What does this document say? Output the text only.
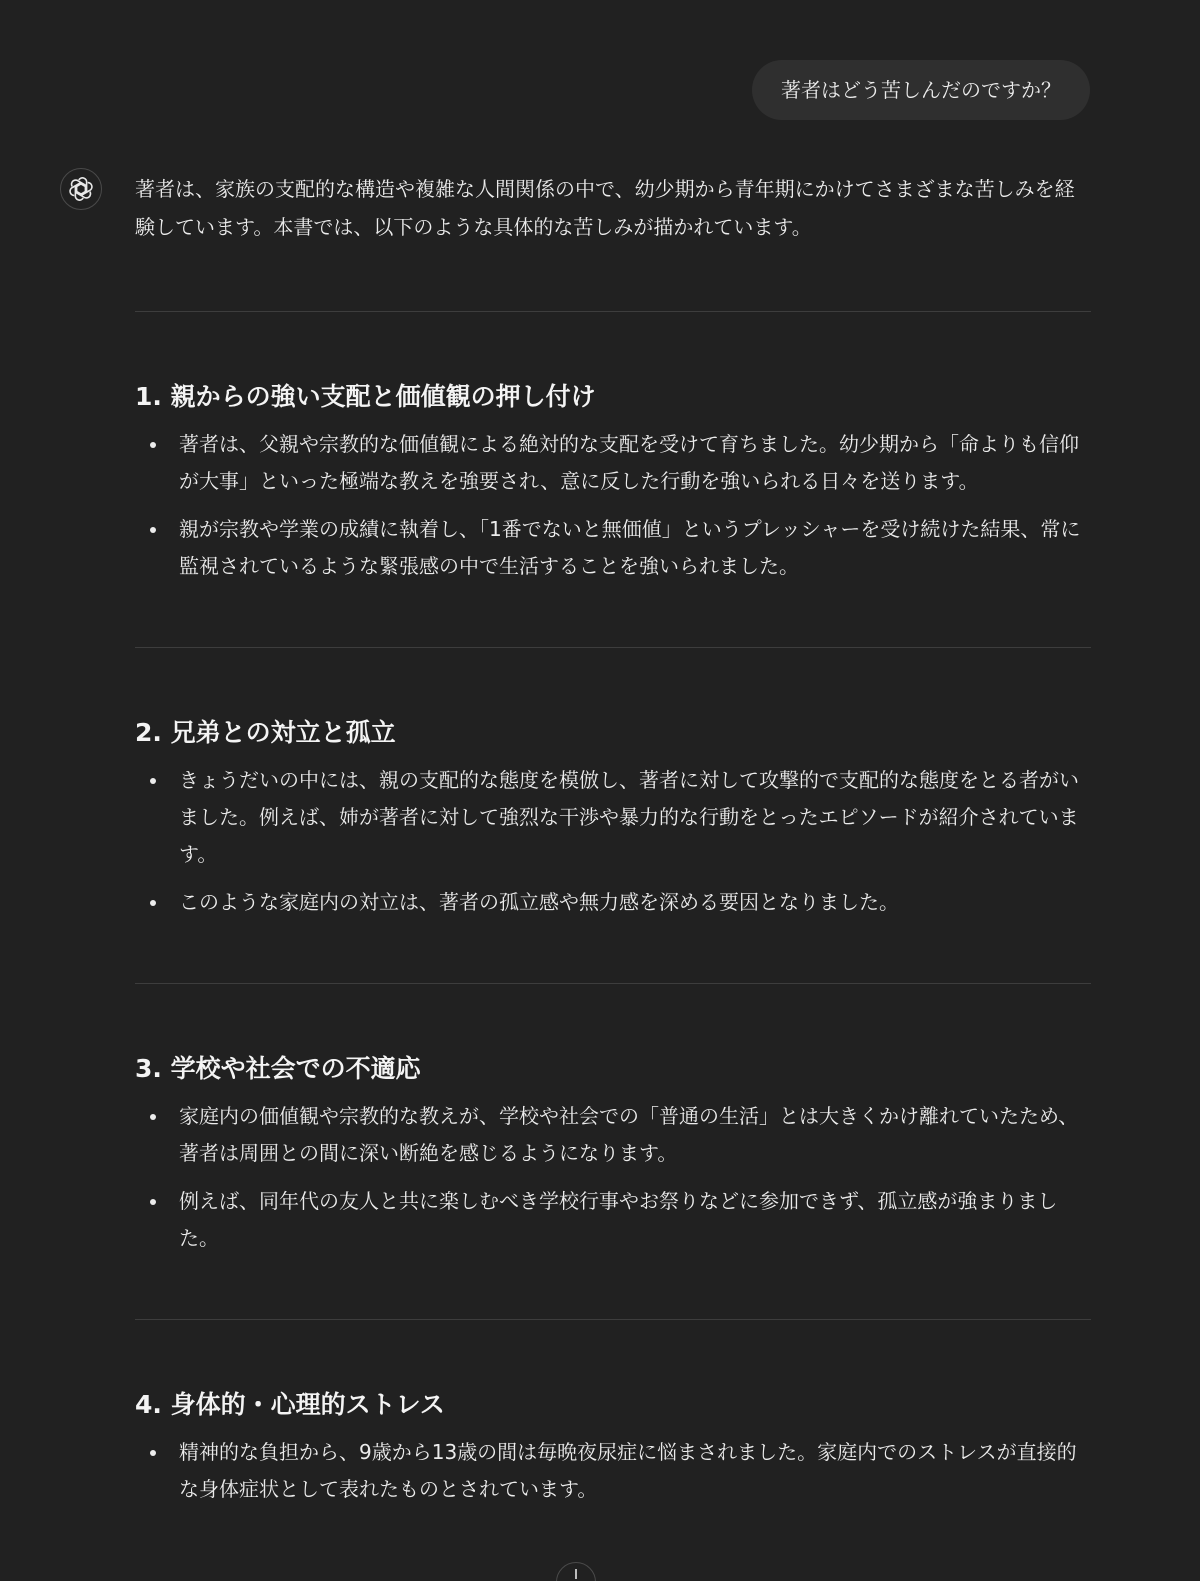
著者はどう苦しんだのですか？

著者は、家族の支配的な構造や複雑な人間関係の中で、幼少期から青年期にかけてさまざまな苦しみを経験しています。本書では、以下のような具体的な苦しみが描かれています。

1. 親からの強い支配と価値観の押し付け
著者は、父親や宗教的な価値観による絶対的な支配を受けて育ちました。幼少期から「命よりも信仰が大事」といった極端な教えを強要され、意に反した行動を強いられる日々を送ります。
親が宗教や学業の成績に執着し、「1番でないと無価値」というプレッシャーを受け続けた結果、常に監視されているような緊張感の中で生活することを強いられました。
2. 兄弟との対立と孤立
きょうだいの中には、親の支配的な態度を模倣し、著者に対して攻撃的で支配的な態度をとる者がいました。例えば、姉が著者に対して強烈な干渉や暴力的な行動をとったエピソードが紹介されています。
このような家庭内の対立は、著者の孤立感や無力感を深める要因となりました。
3. 学校や社会での不適応
家庭内の価値観や宗教的な教えが、学校や社会での「普通の生活」とは大きくかけ離れていたため、著者は周囲との間に深い断絶を感じるようになります。
例えば、同年代の友人と共に楽しむべき学校行事やお祭りなどに参加できず、孤立感が強まりました。
4. 身体的・心理的ストレス
精神的な負担から、9歳から13歳の間は毎晩夜尿症に悩まされました。家庭内でのストレスが直接的な身体症状として表れたものとされています。
